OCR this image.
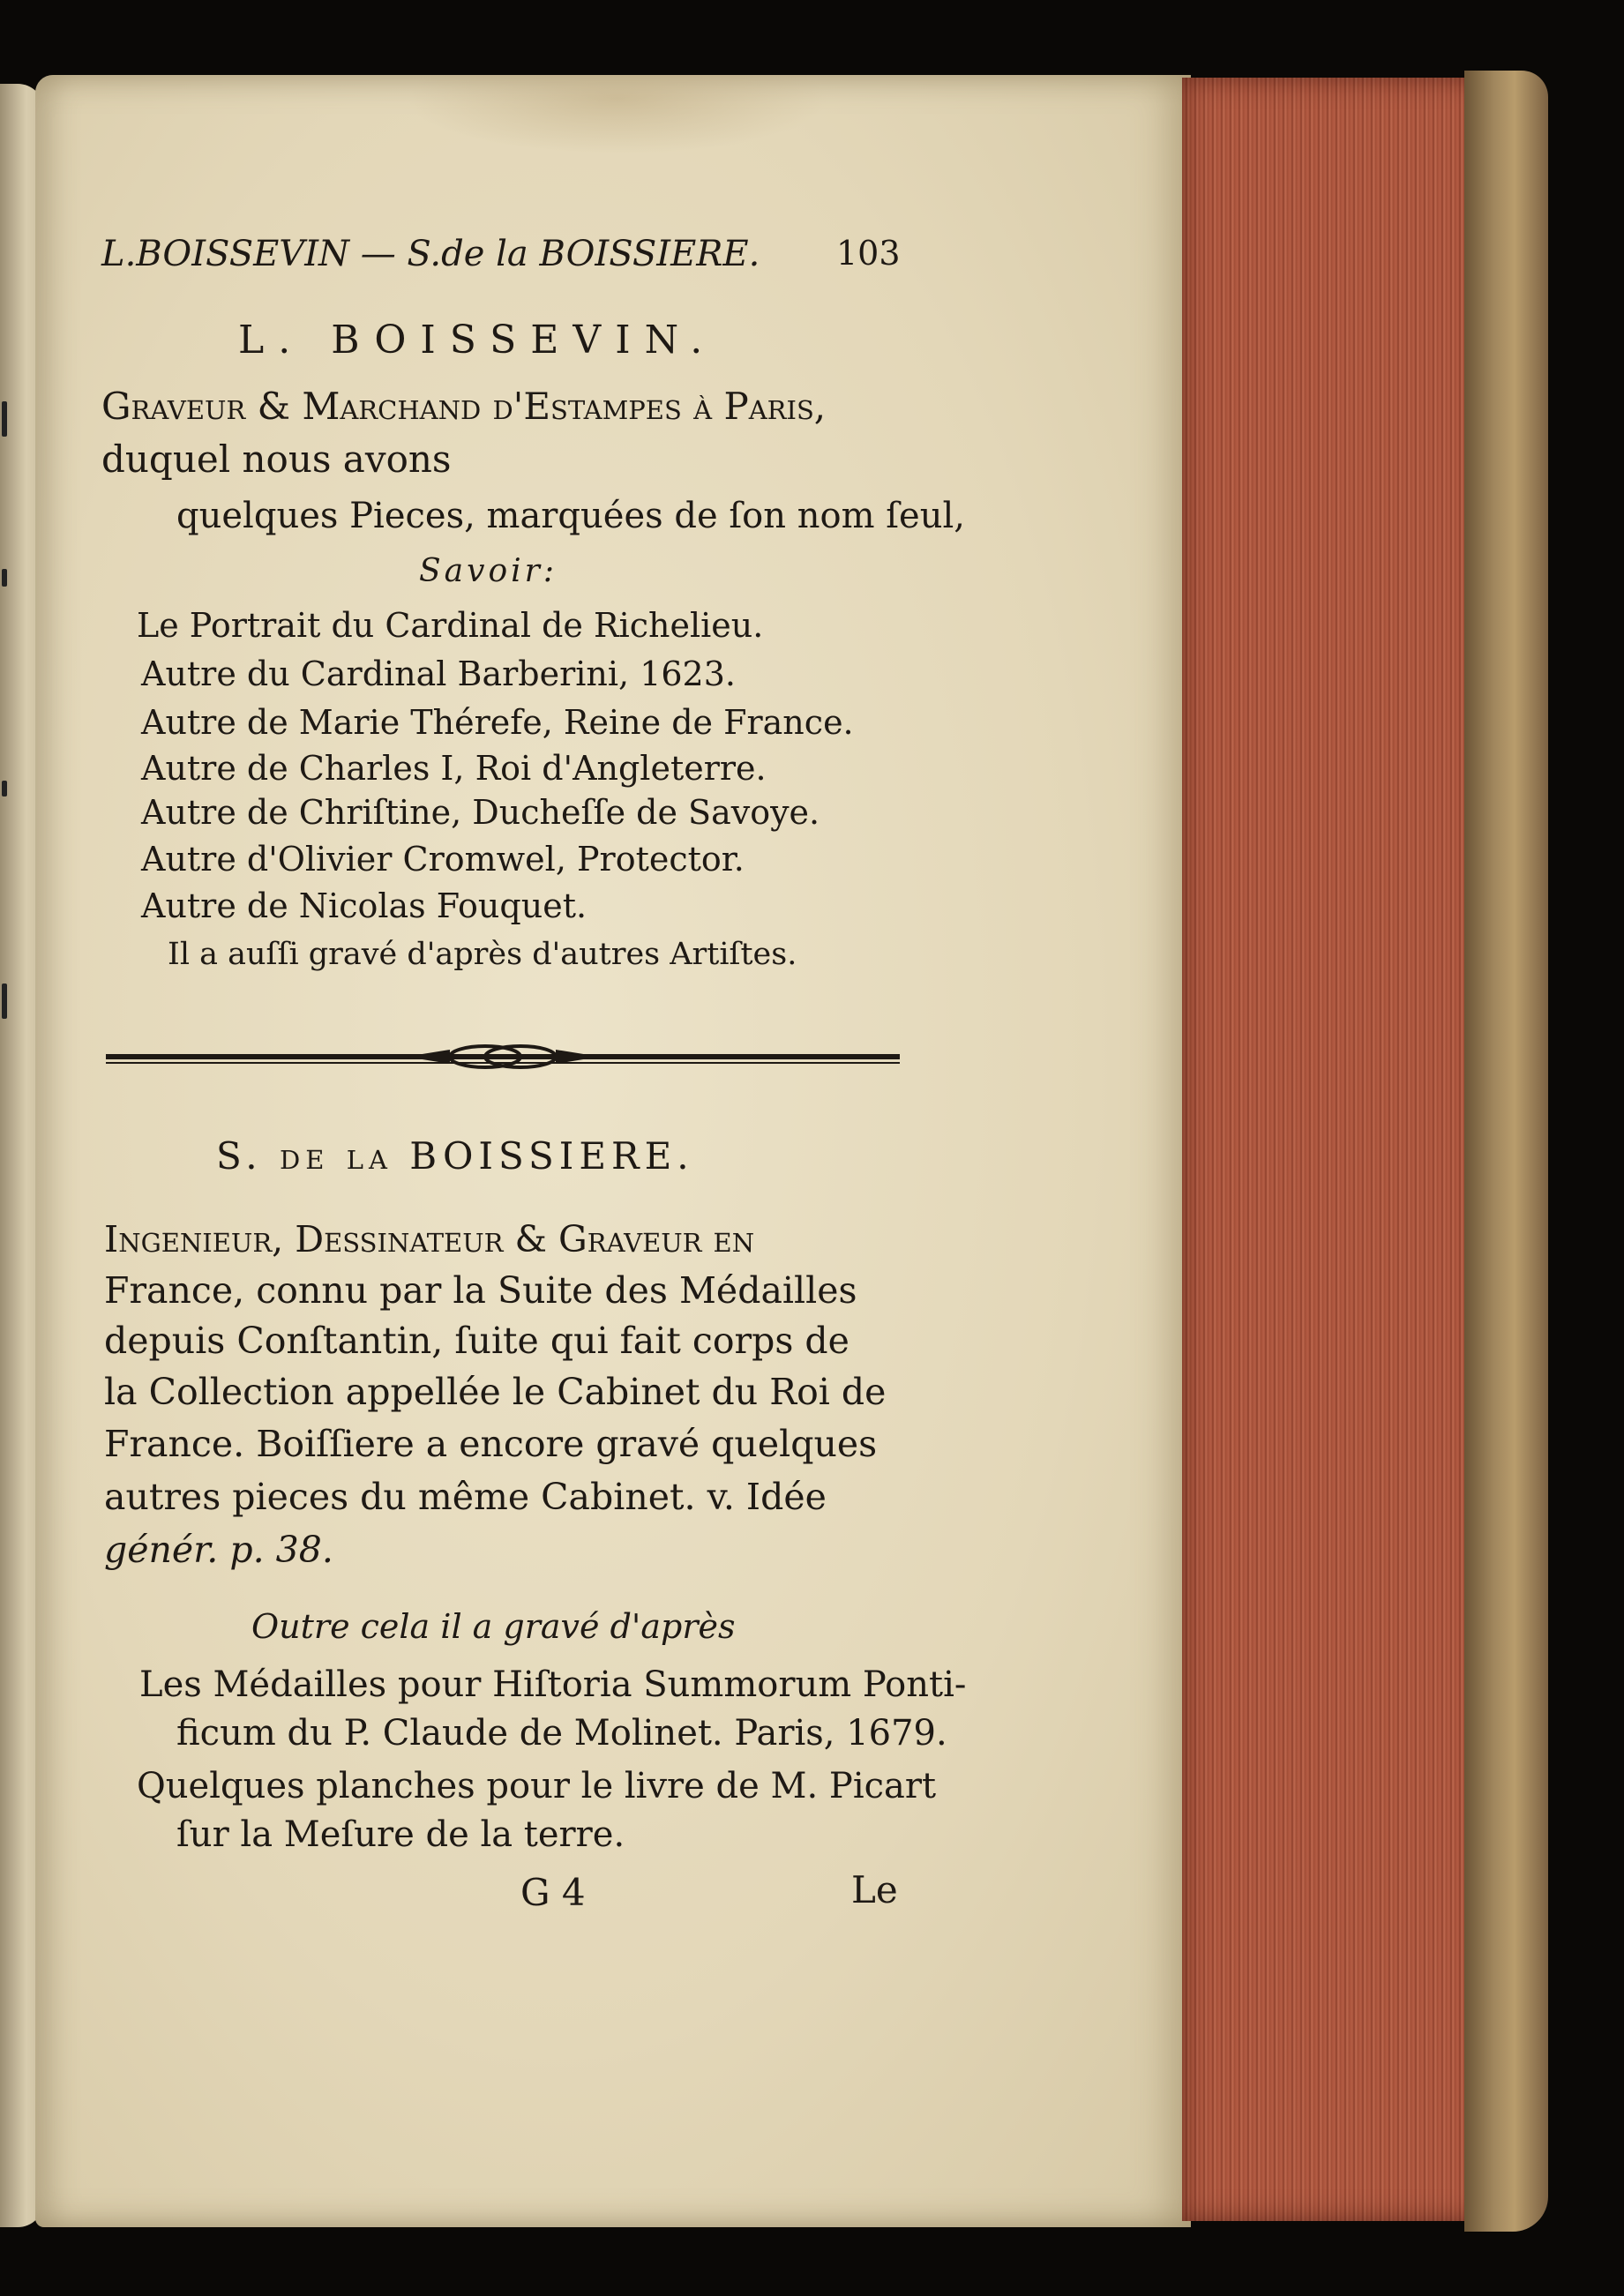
L.BOISSEVIN — S.de la BOISSIERE. 103
L. BOISSEVIN.
Graveur & Marchand d'Eſtampes à Paris,
duquel nous avons
quelques Pieces, marquées de ſon nom ſeul,
Savoir:
Le Portrait du Cardinal de Richelieu.
Autre du Cardinal Barberini, 1623.
Autre de Marie Thérefe, Reine de France.
Autre de Charles I, Roi d'Angleterre.
Autre de Chriſtine, Ducheſſe de Savoye.
Autre d'Olivier Cromwel, Protector.
Autre de Nicolas Fouquet.
Il a auſſi gravé d'après d'autres Artiſtes.
S. de la BOISSIERE.
Ingenieur, Dessinateur & Graveur en
France, connu par la Suite des Médailles
depuis Conſtantin, ſuite qui fait corps de
la Collection appellée le Cabinet du Roi de
France. Boiſſiere a encore gravé quelques
autres pieces du même Cabinet. v. Idée
génér. p. 38.
Outre cela il a gravé d'après
Les Médailles pour Hiſtoria Summorum Ponti-
ficum du P. Claude de Molinet. Paris, 1679.
Quelques planches pour le livre de M. Picart
ſur la Meſure de la terre.
G 4	Le
